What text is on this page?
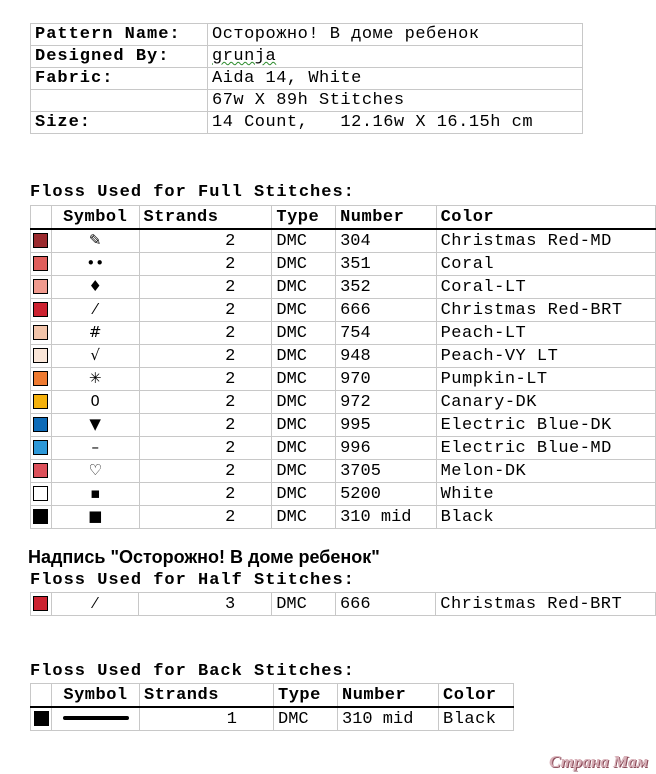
Pattern Name:	Осторожно! В доме ребенок
Designed By:	grunja
Fabric:	Aida 14, White
	67w X 89h Stitches
Size:	14 Count,   12.16w X 16.15h cm

Floss Used for Full Stitches:

	Symbol	Strands	Type	Number	Color
	✎	2	DMC	304	Christmas Red-MD
	••	2	DMC	351	Coral
	♦	2	DMC	352	Coral-LT
	⁄	2	DMC	666	Christmas Red-BRT
	#	2	DMC	754	Peach-LT
	√	2	DMC	948	Peach-VY LT
	✳	2	DMC	970	Pumpkin-LT
	0	2	DMC	972	Canary-DK
	▼	2	DMC	995	Electric Blue-DK
	–	2	DMC	996	Electric Blue-MD
	♡	2	DMC	3705	Melon-DK
	▪	2	DMC	5200	White
	■	2	DMC	310 mid	Black

Надпись "Осторожно! В доме ребенок"

Floss Used for Half Stitches:

	⁄	3	DMC	666	Christmas Red-BRT

Floss Used for Back Stitches:

	Symbol	Strands	Type	Number	Color
		1	DMC	310 mid	Black
Страна Мам
